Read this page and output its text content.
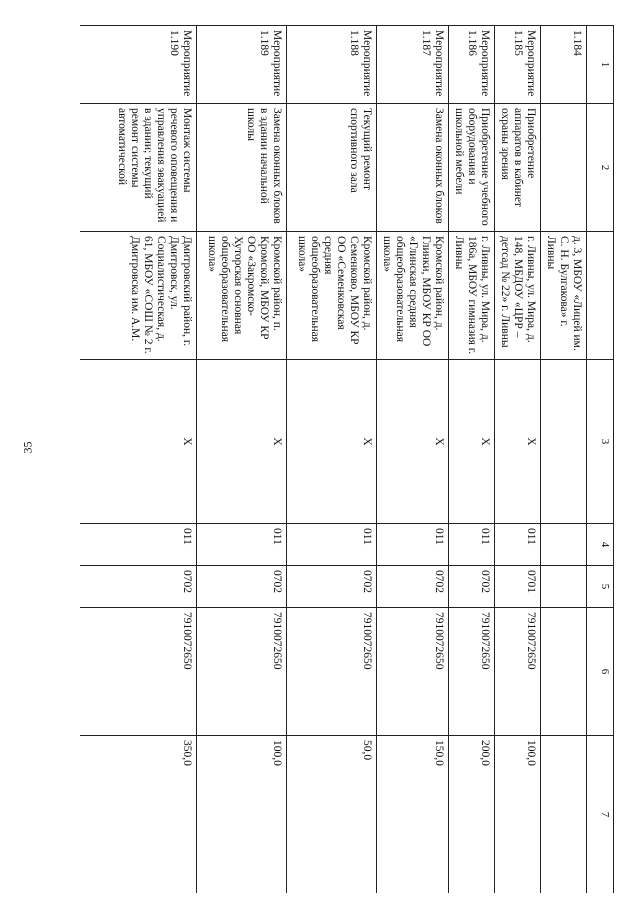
35
1	2		3	4	5	6	7
1.184		д. 3, МБОУ «Лицей им. С. Н. Булгакова» г. Ливны					
Мероприятие 1.185	Приобретение аппаратов в кабинет охраны зрения	г. Ливны, ул. Мира, д. 148, МБДОУ «ЦРР – детсад № 22» г. Ливны	Х	011	0701	7910072650	100,0
Мероприятие 1.186	Приобретение учебного оборудования и школьной мебели	г. Ливны, ул. Мира, д. 186а, МБОУ гимназия г. Ливны	Х	011	0702	7910072650	200,0
Мероприятие 1.187	Замена оконных блоков	Кромской район, д. Глинки, МБОУ КР ОО «Глинская средняя общеобразовательная школа»	Х	011	0702	7910072650	150,0
Мероприятие 1.188	Текущий ремонт спортивного зала	Кромской район, д. Семенково, МБОУ КР ОО «Семенковская средняя общеобразовательная школа»	Х	011	0702	7910072650	50,0
Мероприятие 1.189	Замена оконных блоков в здании начальной школы	Кромской район, п. Кромской, МБОУ КР ОО «Закромско-Хуторская основная общеобразовательная школа»	Х	011	0702	7910072650	100,0
Мероприятие 1.190	Монтаж системы речевого оповещения и управления эвакуацией в здании; текущий ремонт системы автоматической	Дмитровский район, г. Дмитровск, ул. Социалистическая, д. 61, МБОУ «СОШ № 2 г. Дмитровска им. А.М.	Х	011	0702	7910072650	350,0
